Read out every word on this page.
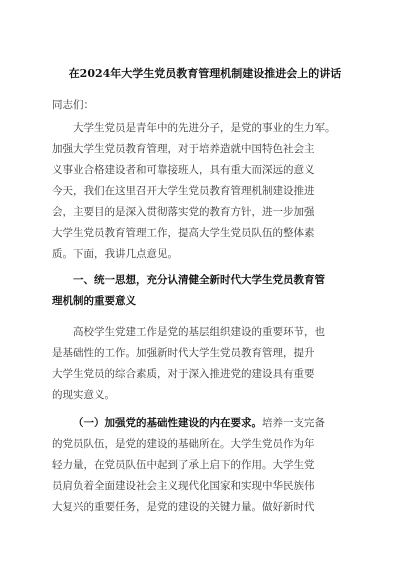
在2024年大学生党员教育管理机制建设推进会上的讲话
同志们：
大学生党员是青年中的先进分子，是党的事业的生力军。
加强大学生党员教育管理，对于培养造就中国特色社会主
义事业合格建设者和可靠接班人，具有重大而深远的意义
今天，我们在这里召开大学生党员教育管理机制建设推进
会，主要目的是深入贯彻落实党的教育方针，进一步加强
大学生党员教育管理工作，提高大学生党员队伍的整体素
质。下面，我讲几点意见。
一、统一思想，充分认清健全新时代大学生党员教育管
理机制的重要意义
高校学生党建工作是党的基层组织建设的重要环节，也
是基础性的工作。加强新时代大学生党员教育管理，提升
大学生党员的综合素质，对于深入推进党的建设具有重要
的现实意义。
（一）加强党的基础性建设的内在要求。培养一支完备
的党员队伍，是党的建设的基础所在。大学生党员作为年
轻力量，在党员队伍中起到了承上启下的作用。大学生党
员肩负着全面建设社会主义现代化国家和实现中华民族伟
大复兴的重要任务，是党的建设的关键力量。做好新时代
